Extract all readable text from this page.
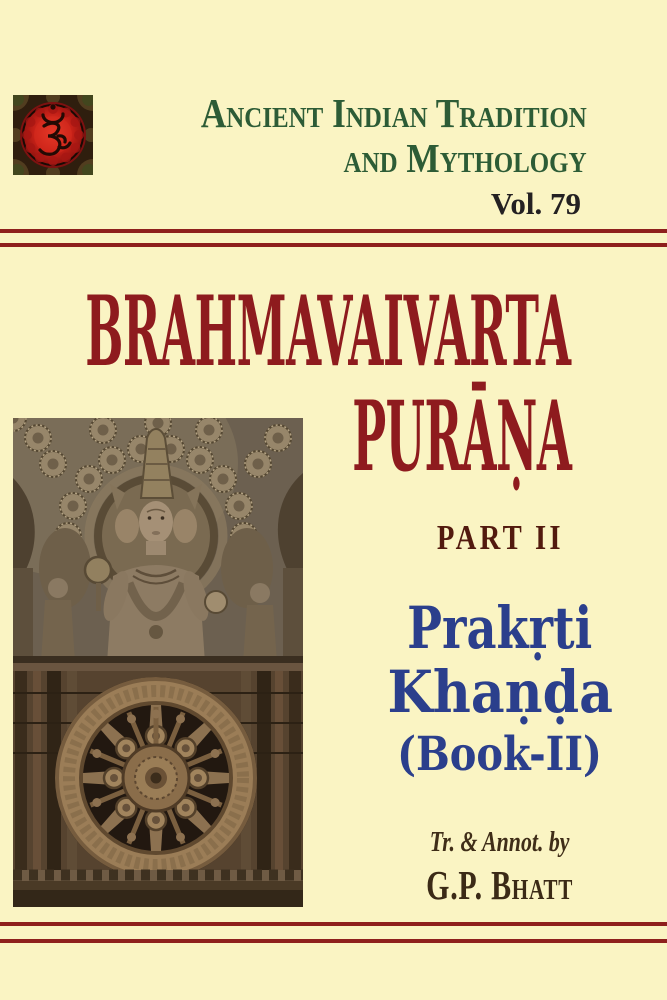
Ancient Indian Tradition
and Mythology
Vol. 79
BRAHMAVAIVARTA
PURĀṆA
PART II
Prakṛti
Khaṇḍa
(Book-II)
Tr. & Annot. by
G.P. Bhatt
